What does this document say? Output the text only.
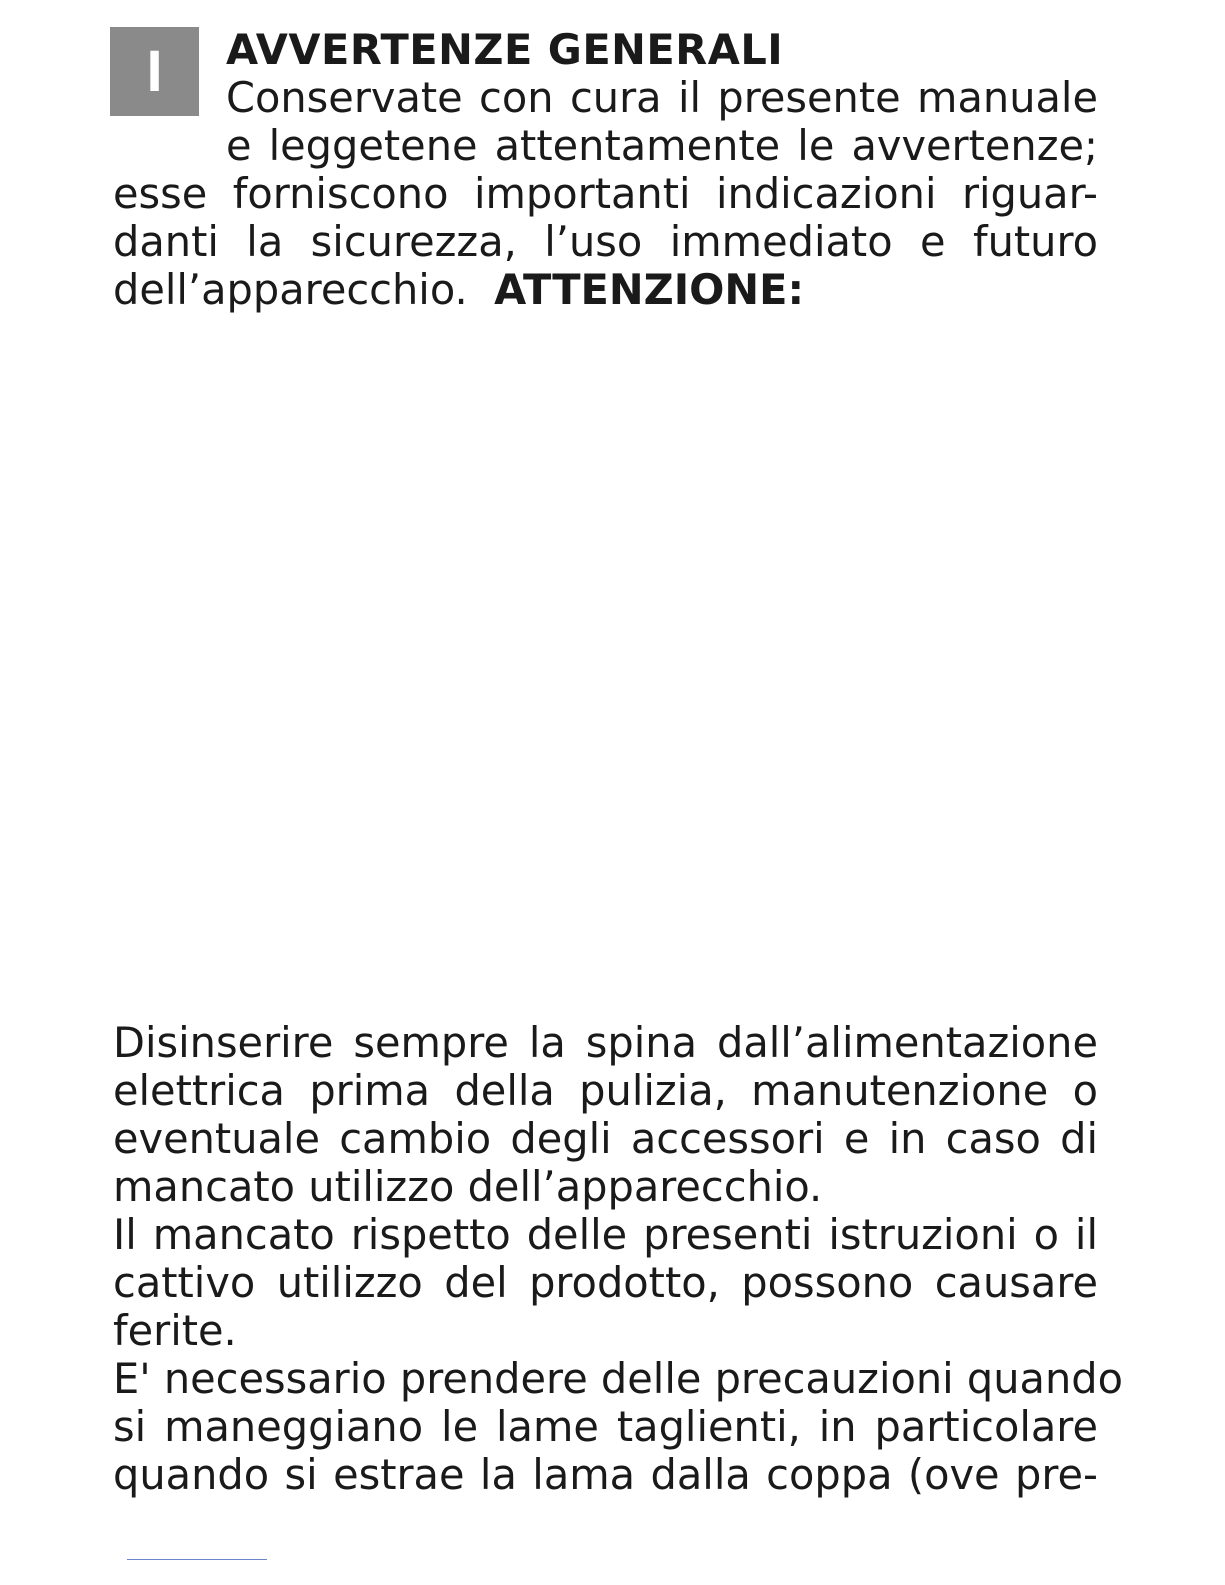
I	AVVERTENZE GENERALI
Conservate con cura il presente manuale
e leggetene attentamente le avvertenze;
esse forniscono importanti indicazioni riguar-
danti la sicurezza, l’uso immediato e futuro
dell’apparecchio. ATTENZIONE:
Disinserire sempre la spina dall’alimentazione
elettrica prima della pulizia, manutenzione o
eventuale cambio degli accessori e in caso di
mancato utilizzo dell’apparecchio.
Il mancato rispetto delle presenti istruzioni o il
cattivo utilizzo del prodotto, possono causare
ferite.
E' necessario prendere delle precauzioni quando
si maneggiano le lame taglienti, in particolare
quando si estrae la lama dalla coppa (ove pre-
